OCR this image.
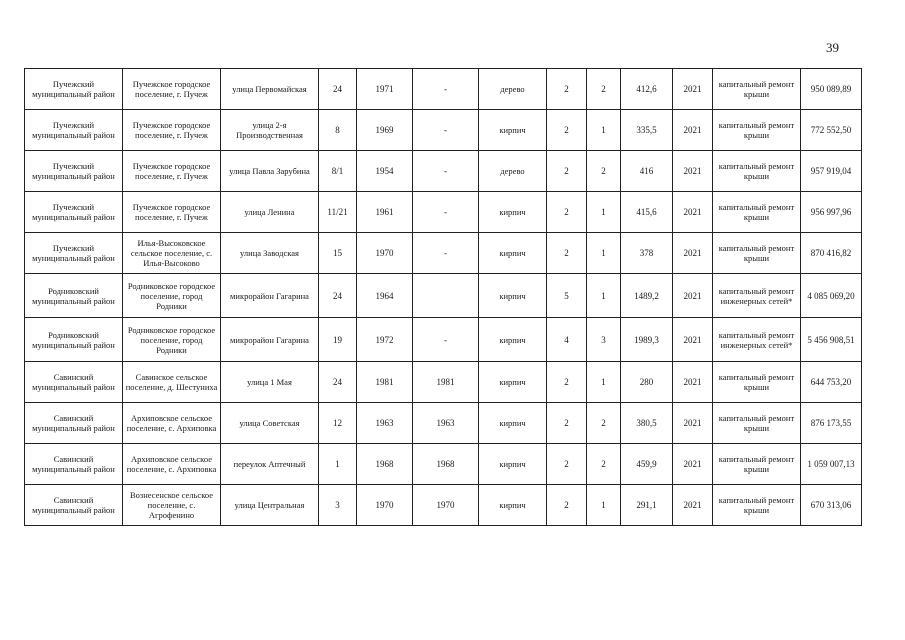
39
Пучежский муниципальный район	Пучежское городское поселение, г. Пучеж	улица Первомайская	24	1971	-	дерево	2	2	412,6	2021	капитальный ремонт крыши	950 089,89
Пучежский муниципальный район	Пучежское городское поселение, г. Пучеж	улица 2-я Производственная	8	1969	-	кирпич	2	1	335,5	2021	капитальный ремонт крыши	772 552,50
Пучежский муниципальный район	Пучежское городское поселение, г. Пучеж	улица Павла Зарубина	8/1	1954	-	дерево	2	2	416	2021	капитальный ремонт крыши	957 919,04
Пучежский муниципальный район	Пучежское городское поселение, г. Пучеж	улица Ленина	11/21	1961	-	кирпич	2	1	415,6	2021	капитальный ремонт крыши	956 997,96
Пучежский муниципальный район	Илья-Высоковское сельское поселение, с. Илья-Высоково	улица Заводская	15	1970	-	кирпич	2	1	378	2021	капитальный ремонт крыши	870 416,82
Родниковский муниципальный район	Родниковское городское поселение, город Родники	микрорайон Гагарина	24	1964		кирпич	5	1	1489,2	2021	капитальный ремонт инженерных сетей*	4 085 069,20
Родниковский муниципальный район	Родниковское городское поселение, город Родники	микрорайон Гагарина	19	1972	-	кирпич	4	3	1989,3	2021	капитальный ремонт инженерных сетей*	5 456 908,51
Савинский муниципальный район	Савинское сельское поселение, д. Шестуниха	улица 1 Мая	24	1981	1981	кирпич	2	1	280	2021	капитальный ремонт крыши	644 753,20
Савинский муниципальный район	Архиповское сельское поселение, с. Архиповка	улица Советская	12	1963	1963	кирпич	2	2	380,5	2021	капитальный ремонт крыши	876 173,55
Савинский муниципальный район	Архиповское сельское поселение, с. Архиповка	переулок Аптечный	1	1968	1968	кирпич	2	2	459,9	2021	капитальный ремонт крыши	1 059 007,13
Савинский муниципальный район	Вознесенское сельское поселение, с. Агрофенино	улица Центральная	3	1970	1970	кирпич	2	1	291,1	2021	капитальный ремонт крыши	670 313,06
